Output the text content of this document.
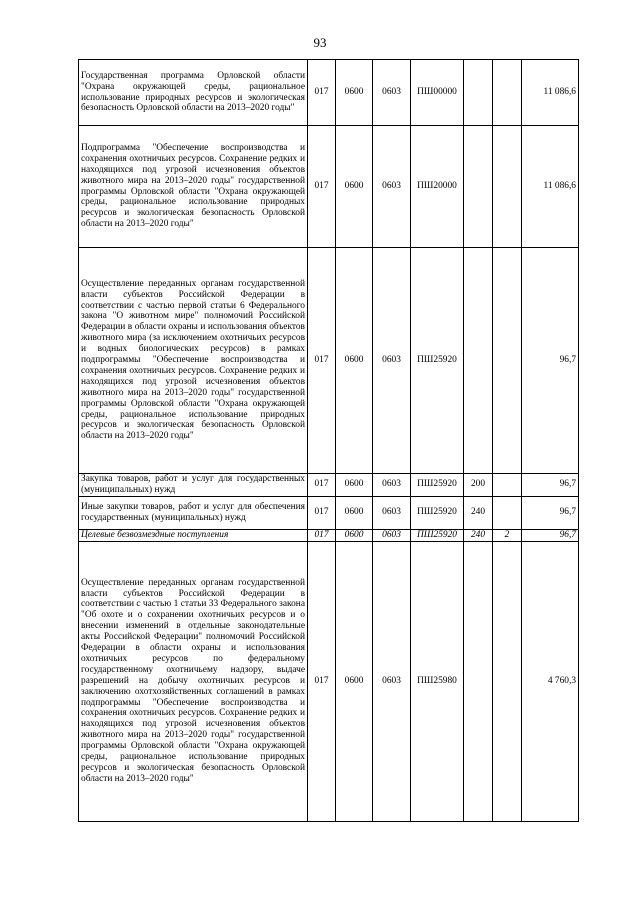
93
Государственная программа Орловской области "Охрана окружающей среды, рациональное использование природных ресурсов и экологическая безопасность Орловской области на 2013–2020 годы"	017	0600	0603	ПШ00000			11 086,6
Подпрограмма "Обеспечение воспроизводства и сохранения охотничьих ресурсов. Сохранение редких и находящихся под угрозой исчезновения объектов животного мира на 2013–2020 годы" государственной программы Орловской области "Охрана окружающей среды, рациональное использование природных ресурсов и экологическая безопасность Орловской области на 2013–2020 годы"	017	0600	0603	ПШ20000			11 086,6
Осуществление переданных органам государственной власти субъектов Российской Федерации в соответствии с частью первой статьи 6 Федерального закона "О животном мире" полномочий Российской Федерации в области охраны и использования объектов животного мира (за исключением охотничьих ресурсов и водных биологических ресурсов) в рамках подпрограммы "Обеспечение воспроизводства и сохранения охотничьих ресурсов. Сохранение редких и находящихся под угрозой исчезновения объектов животного мира на 2013–2020 годы" государственной программы Орловской области "Охрана окружающей среды, рациональное использование природных ресурсов и экологическая безопасность Орловской области на 2013–2020 годы"	017	0600	0603	ПШ25920			96,7
Закупка товаров, работ и услуг для государственных (муниципальных) нужд	017	0600	0603	ПШ25920	200		96,7
Иные закупки товаров, работ и услуг для обеспечения государственных (муниципальных) нужд	017	0600	0603	ПШ25920	240		96,7
Целевые безвозмездные поступления	017	0600	0603	ПШ25920	240	2	96,7
Осуществление переданных органам государственной власти субъектов Российской Федерации в соответствии с частью 1 статьи 33 Федерального закона "Об охоте и о сохранении охотничьих ресурсов и о внесении изменений в отдельные законодательные акты Российской Федерации" полномочий Российской Федерации в области охраны и использования охотничьих ресурсов по федеральному государственному охотничьему надзору, выдаче разрешений на добычу охотничьих ресурсов и заключению охотхозяйственных соглашений в рамках подпрограммы "Обеспечение воспроизводства и сохранения охотничьих ресурсов. Сохранение редких и находящихся под угрозой исчезновения объектов животного мира на 2013–2020 годы" государственной программы Орловской области "Охрана окружающей среды, рациональное использование природных ресурсов и экологическая безопасность Орловской области на 2013–2020 годы"	017	0600	0603	ПШ25980			4 760,3
